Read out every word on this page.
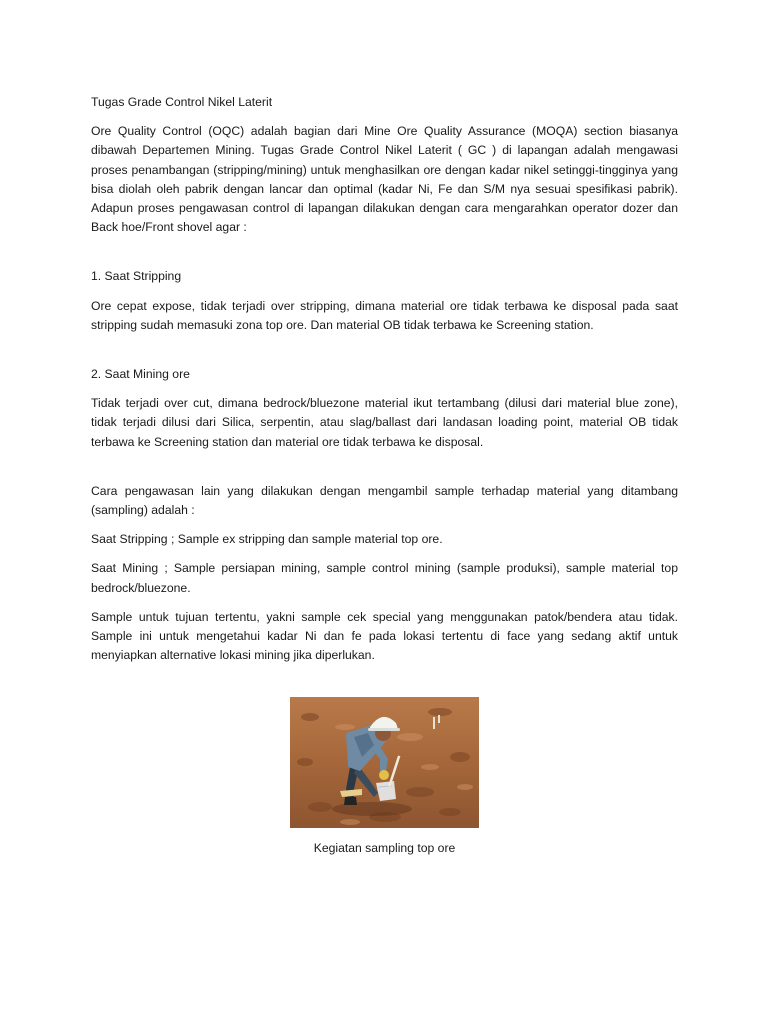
Tugas Grade Control Nikel Laterit

Ore Quality Control (OQC) adalah bagian dari Mine Ore Quality Assurance (MOQA) section biasanya dibawah Departemen Mining. Tugas Grade Control Nikel Laterit ( GC ) di lapangan adalah mengawasi proses penambangan (stripping/mining) untuk menghasilkan ore dengan kadar nikel setinggi-tingginya yang bisa diolah oleh pabrik dengan lancar dan optimal (kadar Ni, Fe dan S/M nya sesuai spesifikasi pabrik). Adapun proses pengawasan control di lapangan dilakukan dengan cara mengarahkan operator dozer dan Back hoe/Front shovel agar :

1. Saat Stripping

Ore cepat expose, tidak terjadi over stripping, dimana material ore tidak terbawa ke disposal pada saat stripping sudah memasuki zona top ore. Dan material OB tidak terbawa ke Screening station.

2. Saat Mining ore

Tidak terjadi over cut, dimana bedrock/bluezone material ikut tertambang (dilusi dari material blue zone), tidak terjadi dilusi dari Silica, serpentin, atau slag/ballast dari landasan loading point, material OB tidak terbawa ke Screening station dan material ore tidak terbawa ke disposal.

Cara pengawasan lain yang dilakukan dengan mengambil sample terhadap material yang ditambang (sampling) adalah :

Saat Stripping ; Sample ex stripping dan sample material top ore.

Saat Mining ; Sample persiapan mining, sample control mining (sample produksi), sample material top bedrock/bluezone.

Sample untuk tujuan tertentu, yakni sample cek special yang menggunakan patok/bendera atau tidak. Sample ini untuk mengetahui kadar Ni dan fe pada lokasi tertentu di face yang sedang aktif untuk menyiapkan alternative lokasi mining jika diperlukan.

Kegiatan sampling top ore
